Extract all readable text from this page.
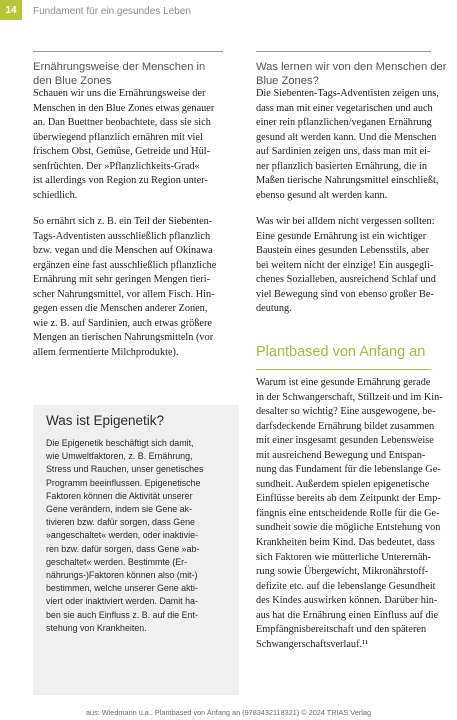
14	Fundament für ein gesundes Leben
Ernährungsweise der Menschen in
den Blue Zones
Schauen wir uns die Ernährungsweise der
Menschen in den Blue Zones etwas genauer
an. Dan Buettner beobachtete, dass sie sich
überwiegend pflanzlich ernähren mit viel
frischem Obst, Gemüse, Getreide und Hül-
senfrüchten. Der »Pflanzlichkeits-Grad«
ist allerdings von Region zu Region unter-
schiedlich.
So ernährt sich z. B. ein Teil der Siebenten-
Tags-Adventisten ausschließlich pflanzlich
bzw. vegan und die Menschen auf Okinawa
ergänzen eine fast ausschließlich pflanzliche
Ernährung mit sehr geringen Mengen tieri-
scher Nahrungsmittel, vor allem Fisch. Hin-
gegen essen die Menschen anderer Zonen,
wie z. B. auf Sardinien, auch etwas größere
Mengen an tierischen Nahrungsmitteln (vor
allem fermentierte Milchprodukte).
Was ist Epigenetik?
Die Epigenetik beschäftigt sich damit,
wie Umweltfaktoren, z. B. Ernährung,
Stress und Rauchen, unser genetisches
Programm beeinflussen. Epigenetische
Faktoren können die Aktivität unserer
Gene verändern, indem sie Gene ak-
tivieren bzw. dafür sorgen, dass Gene
»angeschaltet« werden, oder inaktivie-
ren bzw. dafür sorgen, dass Gene »ab-
geschaltet« werden. Bestimmte (Er-
nährungs-)Faktoren können also (mit-)
bestimmen, welche unserer Gene akti-
viert oder inaktiviert werden. Damit ha-
ben sie auch Einfluss z. B. auf die Ent-
stehung von Krankheiten.
Was lernen wir von den Menschen der
Blue Zones?
Die Siebenten-Tags-Adventisten zeigen uns,
dass man mit einer vegetarischen und auch
einer rein pflanzlichen/veganen Ernährung
gesund alt werden kann. Und die Menschen
auf Sardinien zeigen uns, dass man mit ei-
ner pflanzlich basierten Ernährung, die in
Maßen tierische Nahrungsmittel einschließt,
ebenso gesund alt werden kann.
Was wir bei alldem nicht vergessen sollten:
Eine gesunde Ernährung ist ein wichtiger
Baustein eines gesunden Lebensstils, aber
bei weitem nicht der einzige! Ein ausgegli-
chenes Sozialleben, ausreichend Schlaf und
viel Bewegung sind von ebenso großer Be-
deutung.
Plantbased von Anfang an
Warum ist eine gesunde Ernährung gerade
in der Schwangerschaft, Stillzeit und im Kin-
desalter so wichtig? Eine ausgewogene, be-
darfsdeckende Ernährung bildet zusammen
mit einer insgesamt gesunden Lebensweise
mit ausreichend Bewegung und Entspan-
nung das Fundament für die lebenslange Ge-
sundheit. Außerdem spielen epigenetische
Einflüsse bereits ab dem Zeitpunkt der Emp-
fängnis eine entscheidende Rolle für die Ge-
sundheit sowie die mögliche Entstehung von
Krankheiten beim Kind. Das bedeutet, dass
sich Faktoren wie mütterliche Unterernäh-
rung sowie Übergewicht, Mikronährstoff-
defizite etc. auf die lebenslange Gesundheit
des Kindes auswirken können. Darüber hin-
aus hat die Ernährung einen Einfluss auf die
Empfängnisbereitschaft und den späteren
Schwangerschaftsverlauf.¹¹
aus: Wiedmann u.a., Plantbased von Anfang an (9783432118321) © 2024 TRIAS Verlag
